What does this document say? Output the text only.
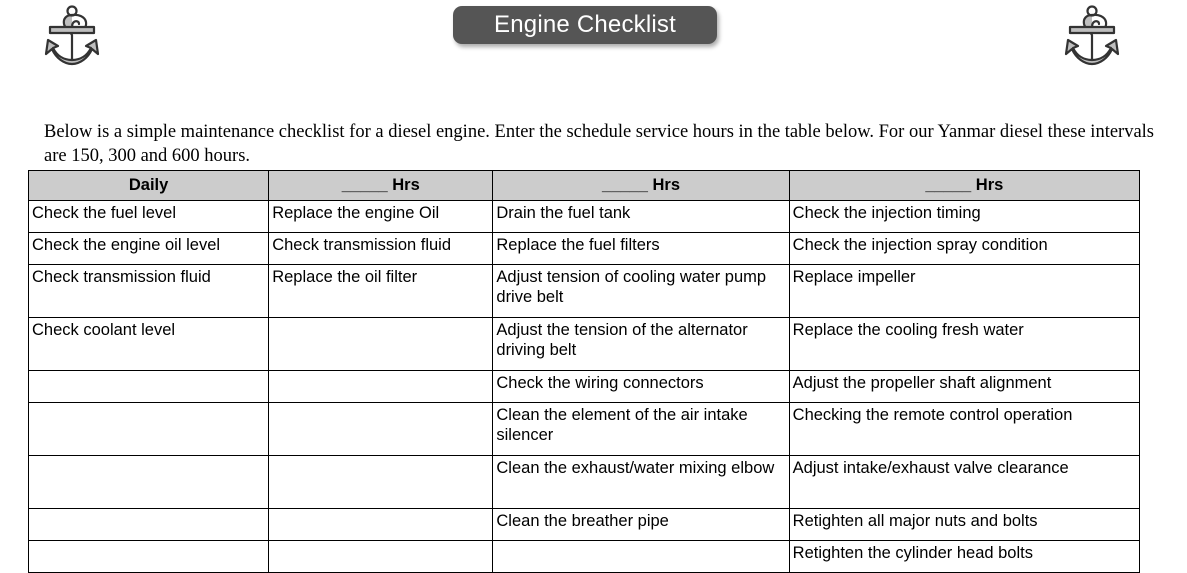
Engine Checklist

Below is a simple maintenance checklist for a diesel engine. Enter the schedule service hours in the table below. For our Yanmar diesel these intervals are 150, 300 and 600 hours.

Daily	_____ Hrs	_____ Hrs	_____ Hrs
Check the fuel level	Replace the engine Oil	Drain the fuel tank	Check the injection timing
Check the engine oil level	Check transmission fluid	Replace the fuel filters	Check the injection spray condition
Check transmission fluid	Replace the oil filter	Adjust tension of cooling water pump drive belt	Replace impeller
Check coolant level		Adjust the tension of the alternator driving belt	Replace the cooling fresh water
		Check the wiring connectors	Adjust the propeller shaft alignment
		Clean the element of the air intake silencer	Checking the remote control operation
		Clean the exhaust/water mixing elbow	Adjust intake/exhaust valve clearance
		Clean the breather pipe	Retighten all major nuts and bolts
			Retighten the cylinder head bolts
